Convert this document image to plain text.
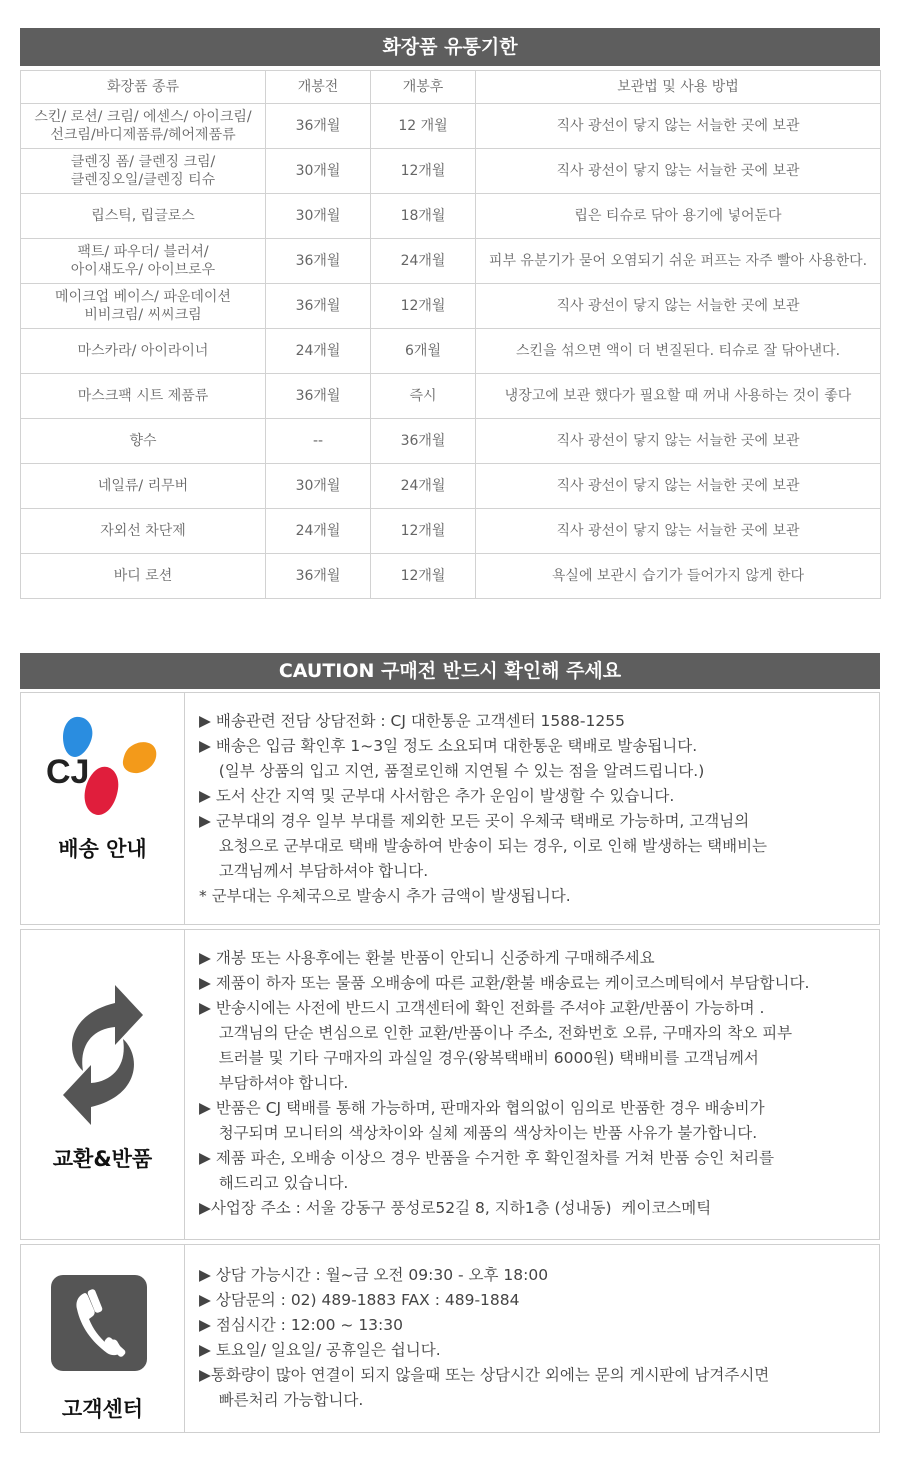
화장품 유통기한
화장품 종류	개봉전	개봉후	보관법 및 사용 방법

스킨/ 로션/ 크림/ 에센스/ 아이크림/
선크림/바디제품류/헤어제품류	36개월	12 개월	직사 광선이 닿지 않는 서늘한 곳에 보관

클렌징 폼/ 클렌징 크림/
클렌징오일/클렌징 티슈	30개월	12개월	직사 광선이 닿지 않는 서늘한 곳에 보관

립스틱, 립글로스	30개월	18개월	립은 티슈로 닦아 용기에 넣어둔다

팩트/ 파우더/ 블러셔/
아이섀도우/ 아이브로우	36개월	24개월	피부 유분기가 묻어 오염되기 쉬운 퍼프는 자주 빨아 사용한다.

메이크업 베이스/ 파운데이션
비비크림/ 씨씨크림	36개월	12개월	직사 광선이 닿지 않는 서늘한 곳에 보관

마스카라/ 아이라이너	24개월	6개월	스킨을 섞으면 액이 더 변질된다. 티슈로 잘 닦아낸다.

마스크팩 시트 제품류	36개월	즉시	냉장고에 보관 했다가 필요할 때 꺼내 사용하는 것이 좋다

향수	--	36개월	직사 광선이 닿지 않는 서늘한 곳에 보관

네일류/ 리무버	30개월	24개월	직사 광선이 닿지 않는 서늘한 곳에 보관

자외선 차단제	24개월	12개월	직사 광선이 닿지 않는 서늘한 곳에 보관

바디 로션	36개월	12개월	욕실에 보관시 습기가 들어가지 않게 한다
CAUTION 구매전 반드시 확인해 주세요
CJ
배송 안내
▶ 배송관련 전담 상담전화 : CJ 대한통운 고객센터 1588-1255
▶ 배송은 입금 확인후 1~3일 정도 소요되며 대한통운 택배로 발송됩니다.
(일부 상품의 입고 지연, 품절로인해 지연될 수 있는 점을 알려드립니다.)
▶ 도서 산간 지역 및 군부대 사서함은 추가 운임이 발생할 수 있습니다.
▶ 군부대의 경우 일부 부대를 제외한 모든 곳이 우체국 택배로 가능하며, 고객님의
요청으로 군부대로 택배 발송하여 반송이 되는 경우, 이로 인해 발생하는 택배비는
고객님께서 부담하셔야 합니다.
* 군부대는 우체국으로 발송시 추가 금액이 발생됩니다.
교환&반품
▶ 개봉 또는 사용후에는 환불 반품이 안되니 신중하게 구매해주세요
▶ 제품이 하자 또는 물품 오배송에 따른 교환/환불 배송료는 케이코스메틱에서 부담합니다.
▶ 반송시에는 사전에 반드시 고객센터에 확인 전화를 주셔야 교환/반품이 가능하며 .
고객님의 단순 변심으로 인한 교환/반품이나 주소, 전화번호 오류, 구매자의 착오 피부
트러블 및 기타 구매자의 과실일 경우(왕복택배비 6000원) 택배비를 고객님께서
부담하셔야 합니다.
▶ 반품은 CJ 택배를 통해 가능하며, 판매자와 협의없이 임의로 반품한 경우 배송비가
청구되며 모니터의 색상차이와 실체 제품의 색상차이는 반품 사유가 불가합니다.
▶ 제품 파손, 오배송 이상으 경우 반품을 수거한 후 확인절차를 거쳐 반품 승인 처리를
해드리고 있습니다.
▶사업장 주소 : 서울 강동구 풍성로52길 8, 지하1층 (성내동)  케이코스메틱
고객센터
▶ 상담 가능시간 : 월~금 오전 09:30 - 오후 18:00
▶ 상담문의 : 02) 489-1883 FAX : 489-1884
▶ 점심시간 : 12:00 ~ 13:30
▶ 토요일/ 일요일/ 공휴일은 쉽니다.
▶통화량이 많아 연결이 되지 않을때 또는 상담시간 외에는 문의 게시판에 남겨주시면
빠른처리 가능합니다.
